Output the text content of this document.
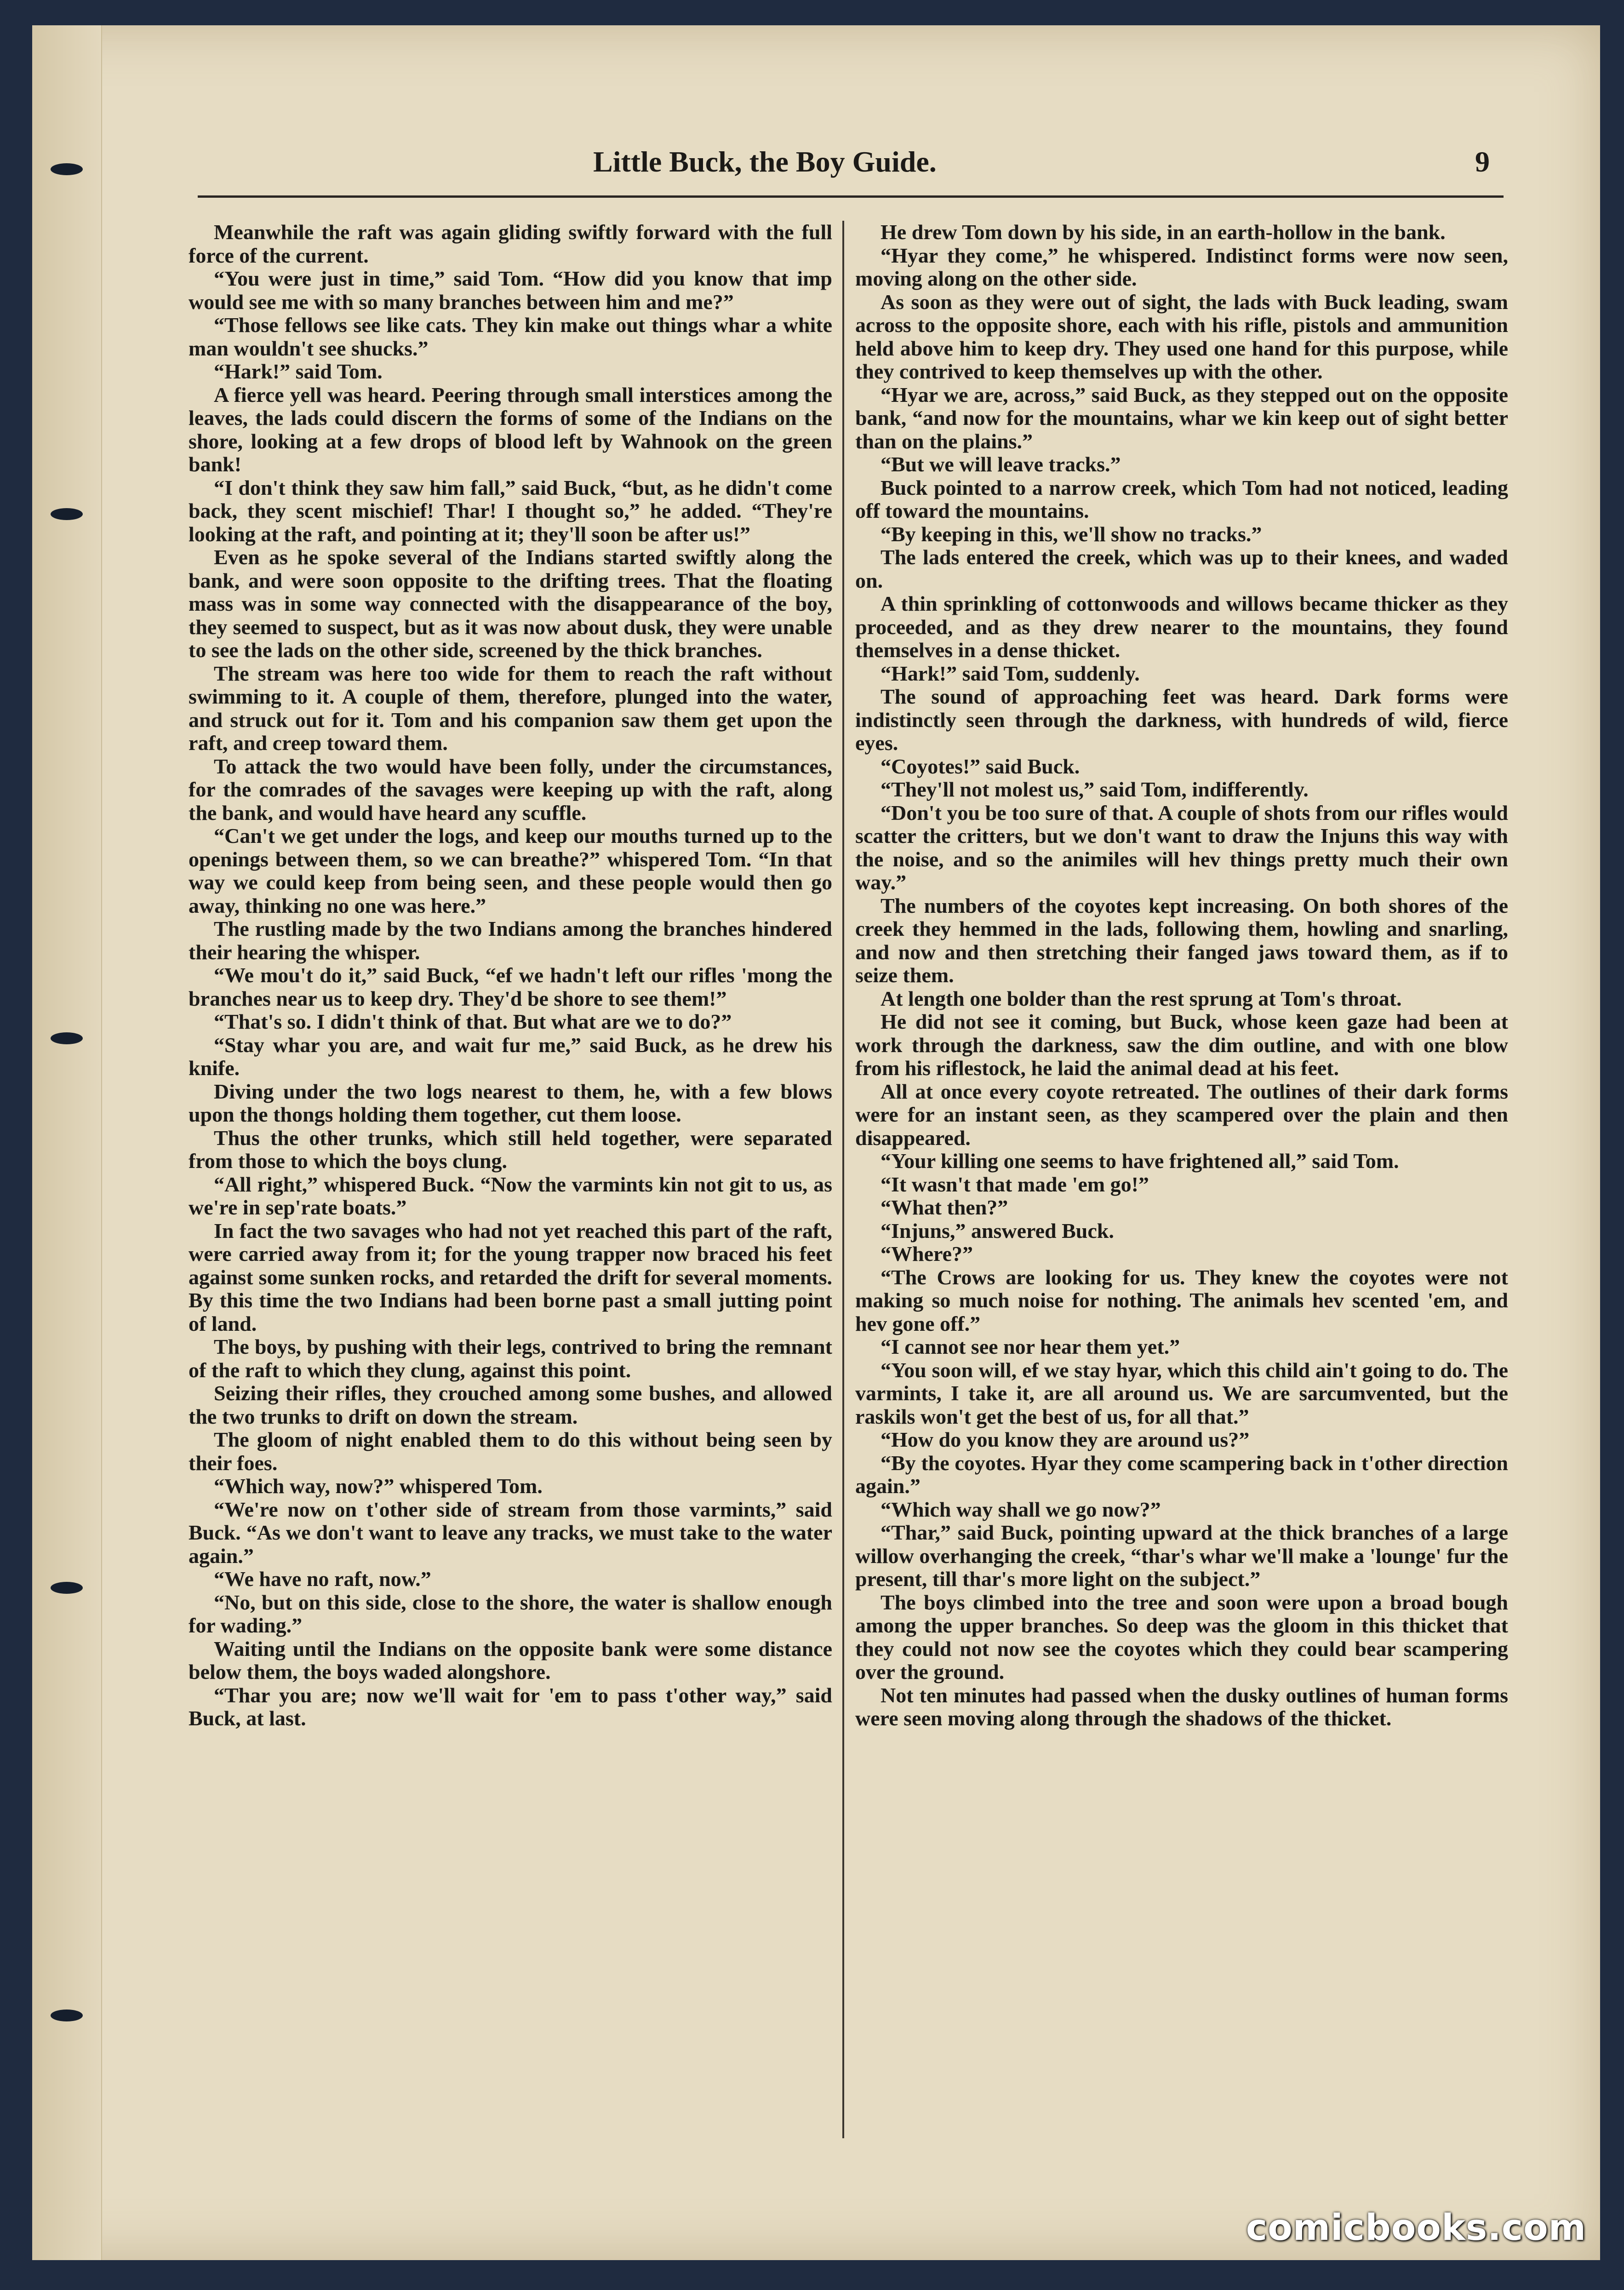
Little Buck, the Boy Guide.	9

Meanwhile the raft was again gliding swiftly forward with the full force of the current.

“You were just in time,” said Tom. “How did you know that imp would see me with so many branches between him and me?”

“Those fellows see like cats. They kin make out things whar a white man wouldn't see shucks.”

“Hark!” said Tom.

A fierce yell was heard. Peering through small interstices among the leaves, the lads could discern the forms of some of the Indians on the shore, looking at a few drops of blood left by Wahnook on the green bank!

“I don't think they saw him fall,” said Buck, “but, as he didn't come back, they scent mischief! Thar! I thought so,” he added. “They're looking at the raft, and pointing at it; they'll soon be after us!”

Even as he spoke several of the Indians started swiftly along the bank, and were soon opposite to the drifting trees. That the floating mass was in some way connected with the disappearance of the boy, they seemed to suspect, but as it was now about dusk, they were unable to see the lads on the other side, screened by the thick branches.

The stream was here too wide for them to reach the raft without swimming to it. A couple of them, therefore, plunged into the water, and struck out for it. Tom and his companion saw them get upon the raft, and creep toward them.

To attack the two would have been folly, under the circumstances, for the comrades of the savages were keeping up with the raft, along the bank, and would have heard any scuffle.

“Can't we get under the logs, and keep our mouths turned up to the openings between them, so we can breathe?” whispered Tom. “In that way we could keep from being seen, and these people would then go away, thinking no one was here.”

The rustling made by the two Indians among the branches hindered their hearing the whisper.

“We mou't do it,” said Buck, “ef we hadn't left our rifles 'mong the branches near us to keep dry. They'd be shore to see them!”

“That's so. I didn't think of that. But what are we to do?”

“Stay whar you are, and wait fur me,” said Buck, as he drew his knife.

Diving under the two logs nearest to them, he, with a few blows upon the thongs holding them together, cut them loose.

Thus the other trunks, which still held together, were separated from those to which the boys clung.

“All right,” whispered Buck. “Now the varmints kin not git to us, as we're in sep'rate boats.”

In fact the two savages who had not yet reached this part of the raft, were carried away from it; for the young trapper now braced his feet against some sunken rocks, and retarded the drift for several moments. By this time the two Indians had been borne past a small jutting point of land.

The boys, by pushing with their legs, contrived to bring the remnant of the raft to which they clung, against this point.

Seizing their rifles, they crouched among some bushes, and allowed the two trunks to drift on down the stream.

The gloom of night enabled them to do this without being seen by their foes.

“Which way, now?” whispered Tom.

“We're now on t'other side of stream from those varmints,” said Buck. “As we don't want to leave any tracks, we must take to the water again.”

“We have no raft, now.”

“No, but on this side, close to the shore, the water is shallow enough for wading.”

Waiting until the Indians on the opposite bank were some distance below them, the boys waded alongshore.

“Thar you are; now we'll wait for 'em to pass t'other way,” said Buck, at last.

He drew Tom down by his side, in an earth-hollow in the bank.

“Hyar they come,” he whispered. Indistinct forms were now seen, moving along on the other side.

As soon as they were out of sight, the lads with Buck leading, swam across to the opposite shore, each with his rifle, pistols and ammunition held above him to keep dry. They used one hand for this purpose, while they contrived to keep themselves up with the other.

“Hyar we are, across,” said Buck, as they stepped out on the opposite bank, “and now for the mountains, whar we kin keep out of sight better than on the plains.”

“But we will leave tracks.”

Buck pointed to a narrow creek, which Tom had not noticed, leading off toward the mountains.

“By keeping in this, we'll show no tracks.”

The lads entered the creek, which was up to their knees, and waded on.

A thin sprinkling of cottonwoods and willows became thicker as they proceeded, and as they drew nearer to the mountains, they found themselves in a dense thicket.

“Hark!” said Tom, suddenly.

The sound of approaching feet was heard. Dark forms were indistinctly seen through the darkness, with hundreds of wild, fierce eyes.

“Coyotes!” said Buck.

“They'll not molest us,” said Tom, indifferently.

“Don't you be too sure of that. A couple of shots from our rifles would scatter the critters, but we don't want to draw the Injuns this way with the noise, and so the animiles will hev things pretty much their own way.”

The numbers of the coyotes kept increasing. On both shores of the creek they hemmed in the lads, following them, howling and snarling, and now and then stretching their fanged jaws toward them, as if to seize them.

At length one bolder than the rest sprung at Tom's throat.

He did not see it coming, but Buck, whose keen gaze had been at work through the darkness, saw the dim outline, and with one blow from his riflestock, he laid the animal dead at his feet.

All at once every coyote retreated. The outlines of their dark forms were for an instant seen, as they scampered over the plain and then disappeared.

“Your killing one seems to have frightened all,” said Tom.

“It wasn't that made 'em go!”

“What then?”

“Injuns,” answered Buck.

“Where?”

“The Crows are looking for us. They knew the coyotes were not making so much noise for nothing. The animals hev scented 'em, and hev gone off.”

“I cannot see nor hear them yet.”

“You soon will, ef we stay hyar, which this child ain't going to do. The varmints, I take it, are all around us. We are sarcumvented, but the raskils won't get the best of us, for all that.”

“How do you know they are around us?”

“By the coyotes. Hyar they come scampering back in t'other direction again.”

“Which way shall we go now?”

“Thar,” said Buck, pointing upward at the thick branches of a large willow overhanging the creek, “thar's whar we'll make a 'lounge' fur the present, till thar's more light on the subject.”

The boys climbed into the tree and soon were upon a broad bough among the upper branches. So deep was the gloom in this thicket that they could not now see the coyotes which they could bear scampering over the ground.

Not ten minutes had passed when the dusky outlines of human forms were seen moving along through the shadows of the thicket.

comicbooks.com
